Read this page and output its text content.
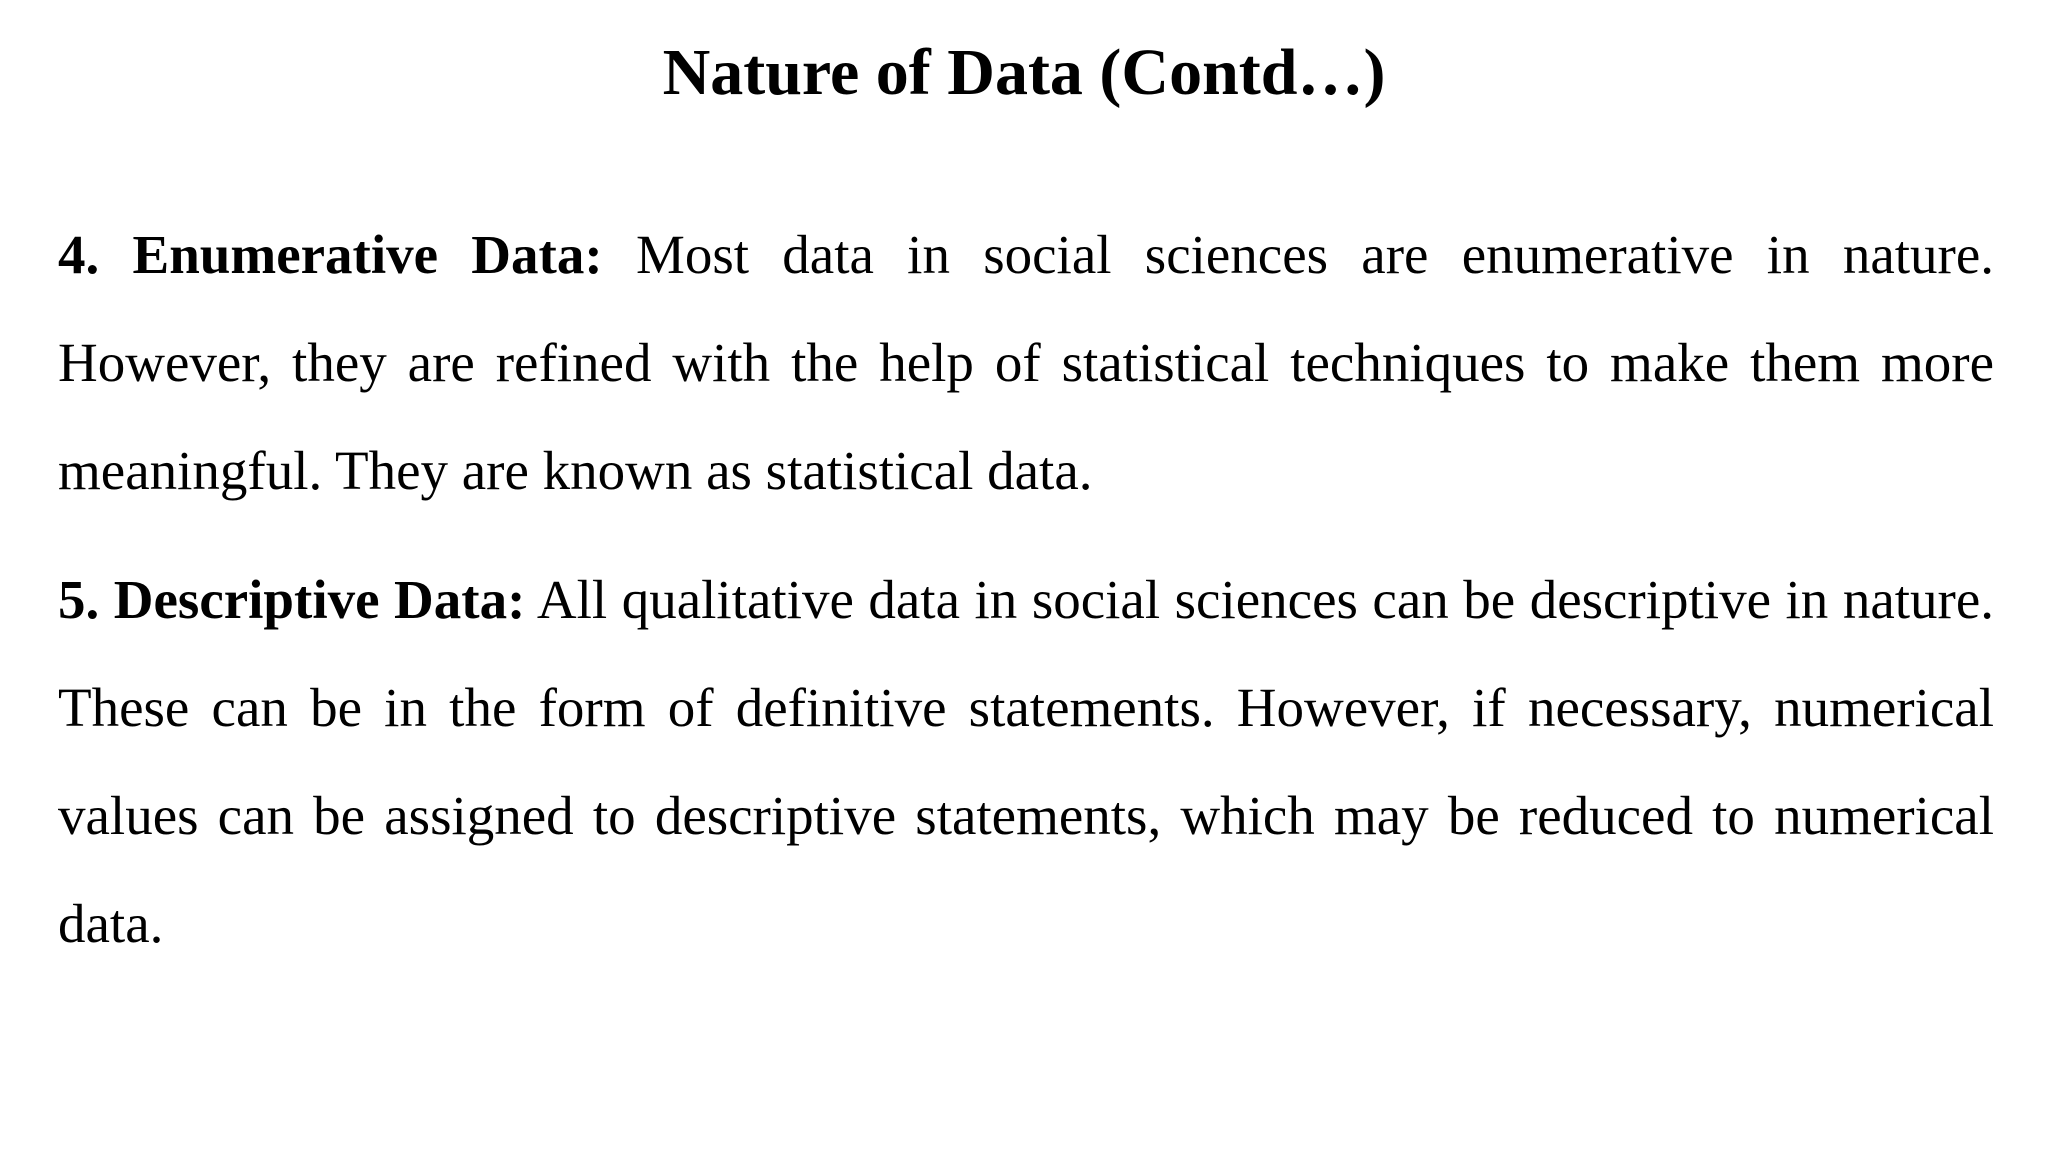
Nature of Data (Contd…)

4. Enumerative Data: Most data in social sciences are enumerative in nature. However, they are refined with the help of statistical techniques to make them more meaningful. They are known as statistical data.

5. Descriptive Data: All qualitative data in social sciences can be descriptive in nature. These can be in the form of definitive statements. However, if necessary, numerical values can be assigned to descriptive statements, which may be reduced to numerical data.
